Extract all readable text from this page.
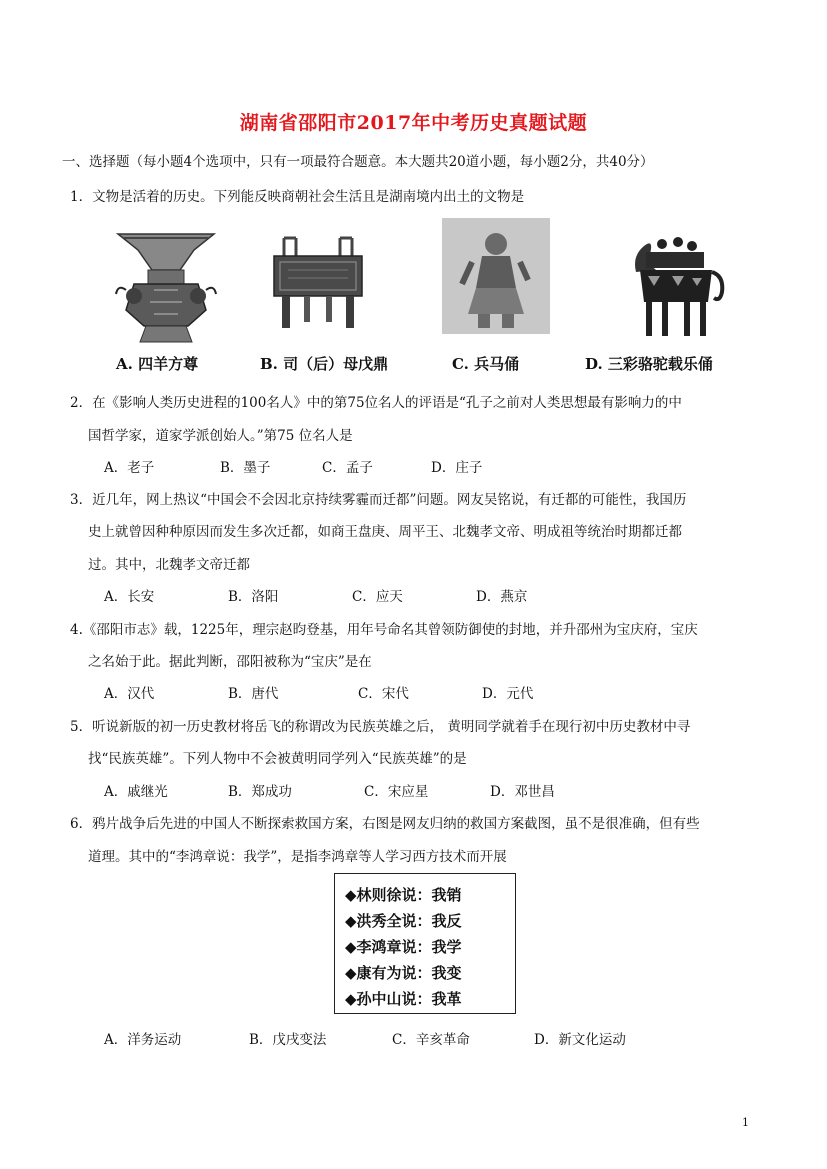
湖南省邵阳市2017年中考历史真题试题
一、选择题（每小题4个选项中，只有一项最符合题意。本大题共20道小题，每小题2分，共40分）
1．文物是活着的历史。下列能反映商朝社会生活且是湖南境内出土的文物是
A. 四羊方尊	B. 司（后）母戊鼎	C. 兵马俑	D. 三彩骆驼载乐俑
2．在《影响人类历史进程的100名人》中的第75位名人的评语是“孔子之前对人类思想最有影响力的中
国哲学家，道家学派创始人。”第75 位名人是
A．老子	B．墨子	C．孟子	D．庄子
3．近几年，网上热议“中国会不会因北京持续雾霾而迁都”问题。网友吴铭说，有迁都的可能性，我国历
史上就曾因种种原因而发生多次迁都，如商王盘庚、周平王、北魏孝文帝、明成祖等统治时期都迁都
过。其中，北魏孝文帝迁都
A．长安	B．洛阳	C．应天	D．燕京
4.《邵阳市志》载，1225年，理宗赵昀登基，用年号命名其曾领防御使的封地，并升邵州为宝庆府，宝庆
之名始于此。据此判断，邵阳被称为“宝庆”是在
A．汉代	B．唐代	C．宋代	D．元代
5．听说新版的初一历史教材将岳飞的称谓改为民族英雄之后， 黄明同学就着手在现行初中历史教材中寻
找“民族英雄”。下列人物中不会被黄明同学列入“民族英雄”的是
A．戚继光	B．郑成功	C．宋应星	D．邓世昌
6．鸦片战争后先进的中国人不断探索救国方案，右图是网友归纳的救国方案截图，虽不是很准确，但有些
道理。其中的“李鸿章说：我学”，是指李鸿章等人学习西方技术而开展
◆林则徐说：我销
◆洪秀全说：我反
◆李鸿章说：我学
◆康有为说：我变
◆孙中山说：我革
A．洋务运动	B．戊戌变法	C．辛亥革命	D．新文化运动
1
